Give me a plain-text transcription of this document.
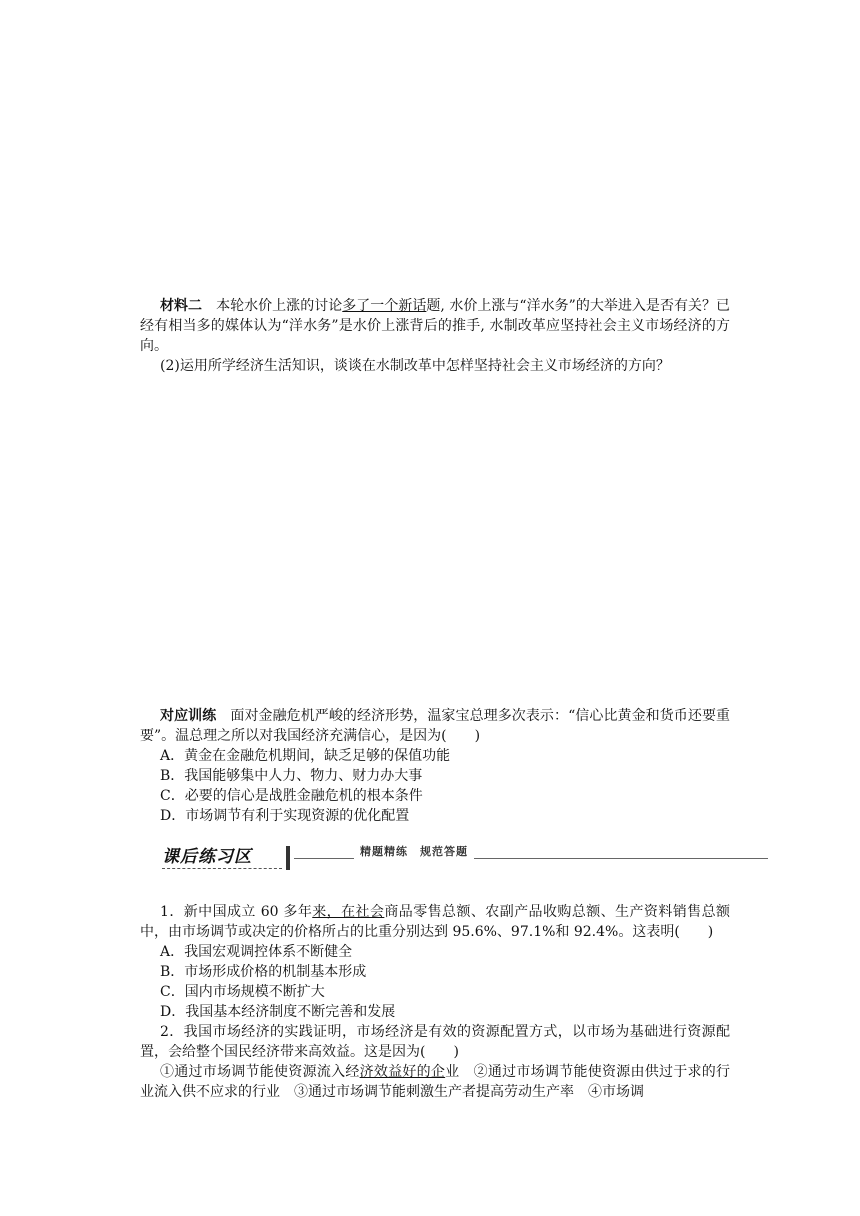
材料二　本轮水价上涨的讨论多了一个新话题, 水价上涨与“洋水务”的大举进入是否有关？已经有相当多的媒体认为“洋水务”是水价上涨背后的推手, 水制改革应坚持社会主义市场经济的方向。

(2)运用所学经济生活知识，谈谈在水制改革中怎样坚持社会主义市场经济的方向？

对应训练　面对金融危机严峻的经济形势，温家宝总理多次表示：“信心比黄金和货币还要重要”。温总理之所以对我国经济充满信心，是因为(　　)

A．黄金在金融危机期间，缺乏足够的保值功能

B．我国能够集中人力、物力、财力办大事

C．必要的信心是战胜金融危机的根本条件

D．市场调节有利于实现资源的优化配置

课后练习区	精题精练　规范答题

1．新中国成立 60 多年来，在社会商品零售总额、农副产品收购总额、生产资料销售总额中，由市场调节或决定的价格所占的比重分别达到 95.6%、97.1%和 92.4%。这表明(　　)

A．我国宏观调控体系不断健全

B．市场形成价格的机制基本形成

C．国内市场规模不断扩大

D．我国基本经济制度不断完善和发展

2．我国市场经济的实践证明，市场经济是有效的资源配置方式，以市场为基础进行资源配置，会给整个国民经济带来高效益。这是因为(　　)

①通过市场调节能使资源流入经济效益好的企业　②通过市场调节能使资源由供过于求的行业流入供不应求的行业　③通过市场调节能刺激生产者提高劳动生产率　④市场调
